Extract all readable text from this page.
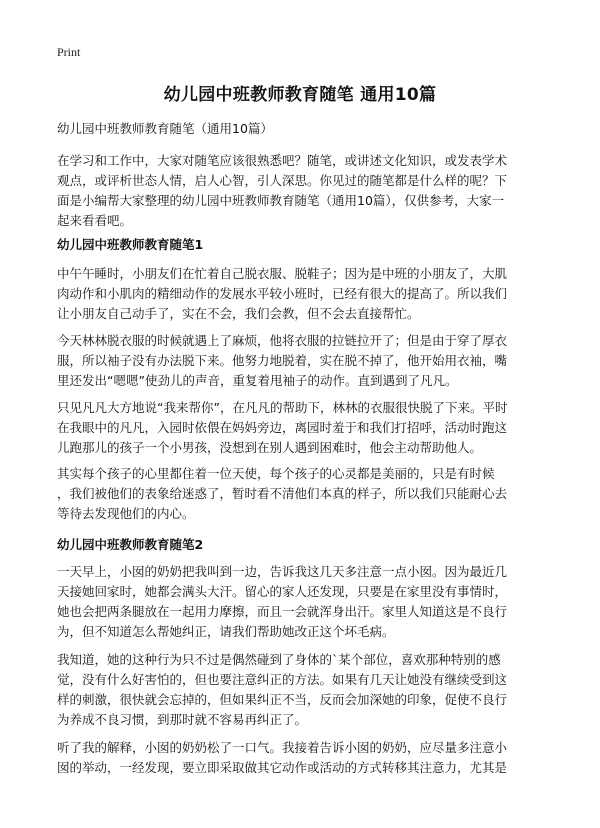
Print
幼儿园中班教师教育随笔 通用10篇
幼儿园中班教师教育随笔（通用10篇）
在学习和工作中，大家对随笔应该很熟悉吧？随笔，或讲述文化知识，或发表学术
观点，或评析世态人情，启人心智，引人深思。你见过的随笔都是什么样的呢？下
面是小编帮大家整理的幼儿园中班教师教育随笔（通用10篇），仅供参考，大家一
起来看看吧。
幼儿园中班教师教育随笔1
中午午睡时，小朋友们在忙着自己脱衣服、脱鞋子；因为是中班的小朋友了，大肌
肉动作和小肌肉的精细动作的发展水平较小班时，已经有很大的提高了。所以我们
让小朋友自己动手了，实在不会，我们会教，但不会去直接帮忙。
今天林林脱衣服的时候就遇上了麻烦，他将衣服的拉链拉开了；但是由于穿了厚衣
服，所以袖子没有办法脱下来。他努力地脱着，实在脱不掉了，他开始用衣袖，嘴
里还发出“嗯嗯”使劲儿的声音，重复着甩袖子的动作。直到遇到了凡凡。
只见凡凡大方地说“我来帮你”，在凡凡的帮助下，林林的衣服很快脱了下来。平时
在我眼中的凡凡，入园时依偎在妈妈旁边，离园时羞于和我们打招呼，活动时跑这
儿跑那儿的孩子一个小男孩，没想到在别人遇到困难时，他会主动帮助他人。
其实每个孩子的心里都住着一位天使，每个孩子的心灵都是美丽的，只是有时候
，我们被他们的表象给迷惑了，暂时看不清他们本真的样子，所以我们只能耐心去
等待去发现他们的内心。
幼儿园中班教师教育随笔2
一天早上，小囡的奶奶把我叫到一边，告诉我这几天多注意一点小囡。因为最近几
天接她回家时，她都会满头大汗。留心的家人还发现，只要是在家里没有事情时，
她也会把两条腿放在一起用力摩擦，而且一会就浑身出汗。家里人知道这是不良行
为，但不知道怎么帮她纠正，请我们帮助她改正这个坏毛病。
我知道，她的这种行为只不过是偶然碰到了身体的`某个部位，喜欢那种特别的感
觉，没有什么好害怕的，但也要注意纠正的方法。如果有几天让她没有继续受到这
样的刺激，很快就会忘掉的，但如果纠正不当，反而会加深她的印象，促使不良行
为养成不良习惯，到那时就不容易再纠正了。
听了我的解释，小囡的奶奶松了一口气。我接着告诉小囡的奶奶，应尽量多注意小
囡的举动，一经发现，要立即采取做其它动作或活动的方式转移其注意力，尤其是
